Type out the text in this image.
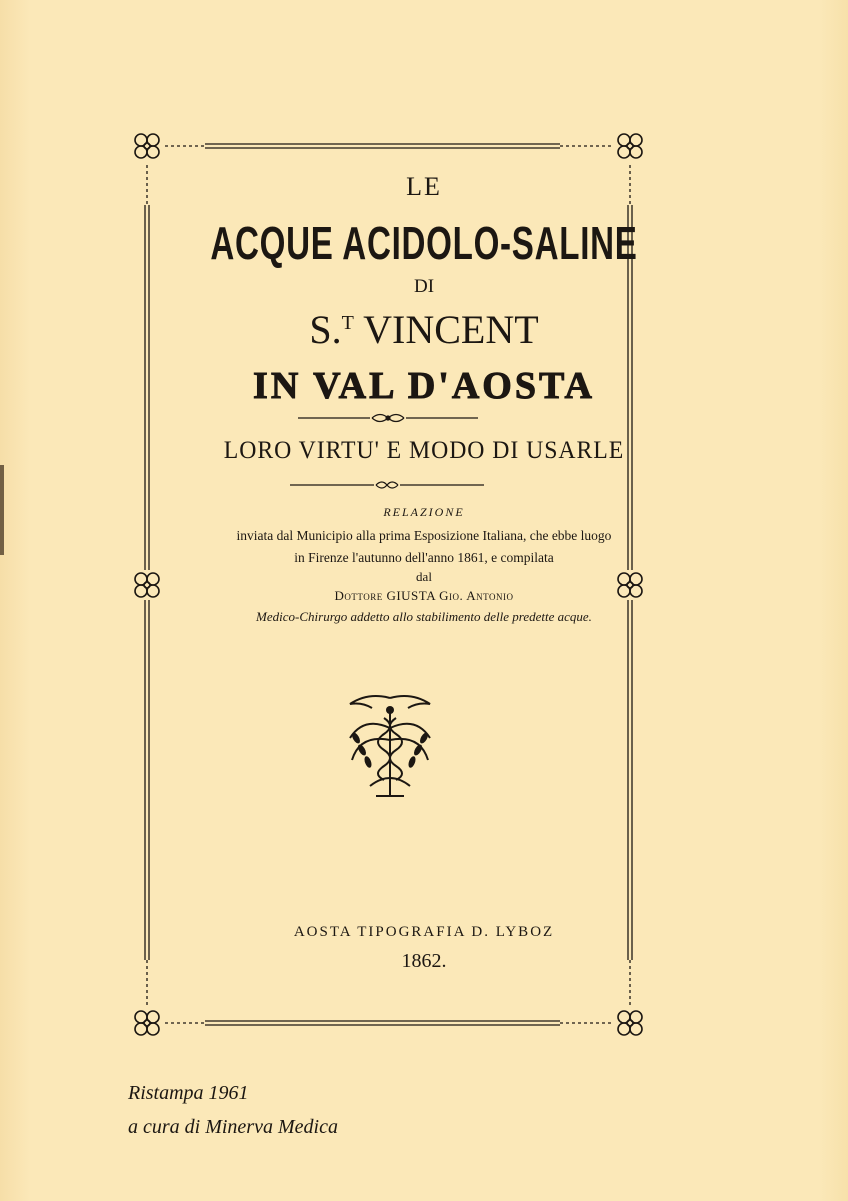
LE
ACQUE ACIDOLO-SALINE
DI
S.$^T$ VINCENT
IN VAL D'AOSTA
LORO VIRTU' E MODO DI USARLE
RELAZIONE
inviata dal Municipio alla prima Esposizione Italiana, che ebbe luogo
in Firenze l'autunno dell'anno 1861, e compilata
dal
Dottore GIUSTA Gio. Antonio
Medico-Chirurgo addetto allo stabilimento delle predette acque.
AOSTA TIPOGRAFIA D. LYBOZ
1862.
Ristampa 1961
a cura di Minerva Medica
